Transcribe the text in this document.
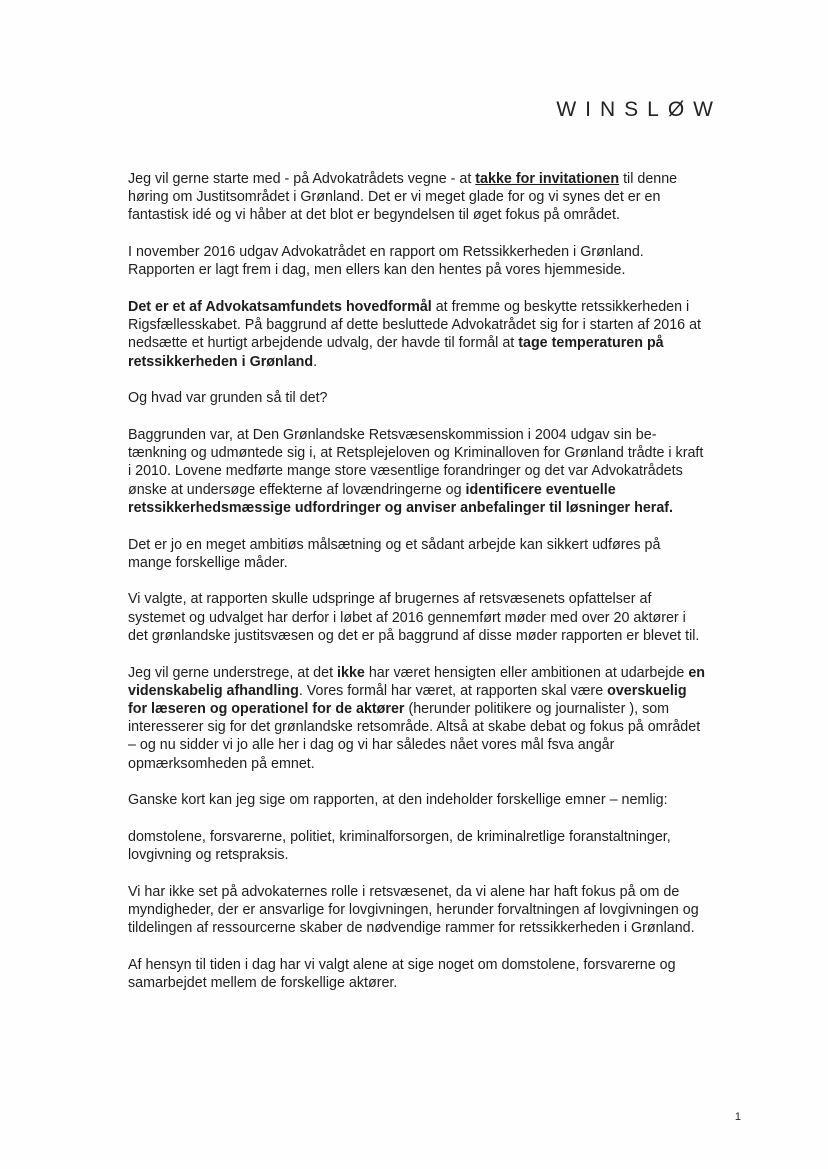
WINSLØW

Jeg vil gerne starte med - på Advokatrådets vegne - at takke for invitationen til denne høring om Justitsområdet i Grønland. Det er vi meget glade for og vi synes det er en fantastisk idé og vi håber at det blot er begyndelsen til øget fokus på området.

I november 2016 udgav Advokatrådet en rapport om Retssikkerheden i Grønland. Rapporten er lagt frem i dag, men ellers kan den hentes på vores hjemmeside.

Det er et af Advokatsamfundets hovedformål at fremme og beskytte retssikkerheden i Rigsfællesskabet. På baggrund af dette besluttede Advokatrådet sig for i starten af 2016 at nedsætte et hurtigt arbejdende udvalg, der havde til formål at tage temperaturen på retssikkerheden i Grønland.

Og hvad var grunden så til det?

Baggrunden var, at Den Grønlandske Retsvæsenskommission i 2004 udgav sin betænkning og udmøntede sig i, at Retsplejeloven og Kriminalloven for Grønland trådte i kraft i 2010. Lovene medførte mange store væsentlige forandringer og det var Advokatrådets ønske at undersøge effekterne af lovændringerne og identificere eventuelle retssikkerhedsmæssige udfordringer og anviser anbefalinger til løsninger heraf.

Det er jo en meget ambitiøs målsætning og et sådant arbejde kan sikkert udføres på mange forskellige måder.

Vi valgte, at rapporten skulle udspringe af brugernes af retsvæsenets opfattelser af systemet og udvalget har derfor i løbet af 2016 gennemført møder med over 20 aktører i det grønlandske justitsvæsen og det er på baggrund af disse møder rapporten er blevet til.

Jeg vil gerne understrege, at det ikke har været hensigten eller ambitionen at udarbejde en videnskabelig afhandling. Vores formål har været, at rapporten skal være overskuelig for læseren og operationel for de aktører (herunder politikere og journalister ), som interesserer sig for det grønlandske retsområde. Altså at skabe debat og fokus på området – og nu sidder vi jo alle her i dag og vi har således nået vores mål fsva angår opmærksomheden på emnet.

Ganske kort kan jeg sige om rapporten, at den indeholder forskellige emner – nemlig:

domstolene, forsvarerne, politiet, kriminalforsorgen, de kriminalretlige foranstaltninger, lovgivning og retspraksis.

Vi har ikke set på advokaternes rolle i retsvæsenet, da vi alene har haft fokus på om de myndigheder, der er ansvarlige for lovgivningen, herunder forvaltningen af lovgivningen og tildelingen af ressourcerne skaber de nødvendige rammer for retssikkerheden i Grønland.

Af hensyn til tiden i dag har vi valgt alene at sige noget om domstolene, forsvarerne og samarbejdet mellem de forskellige aktører.

1
